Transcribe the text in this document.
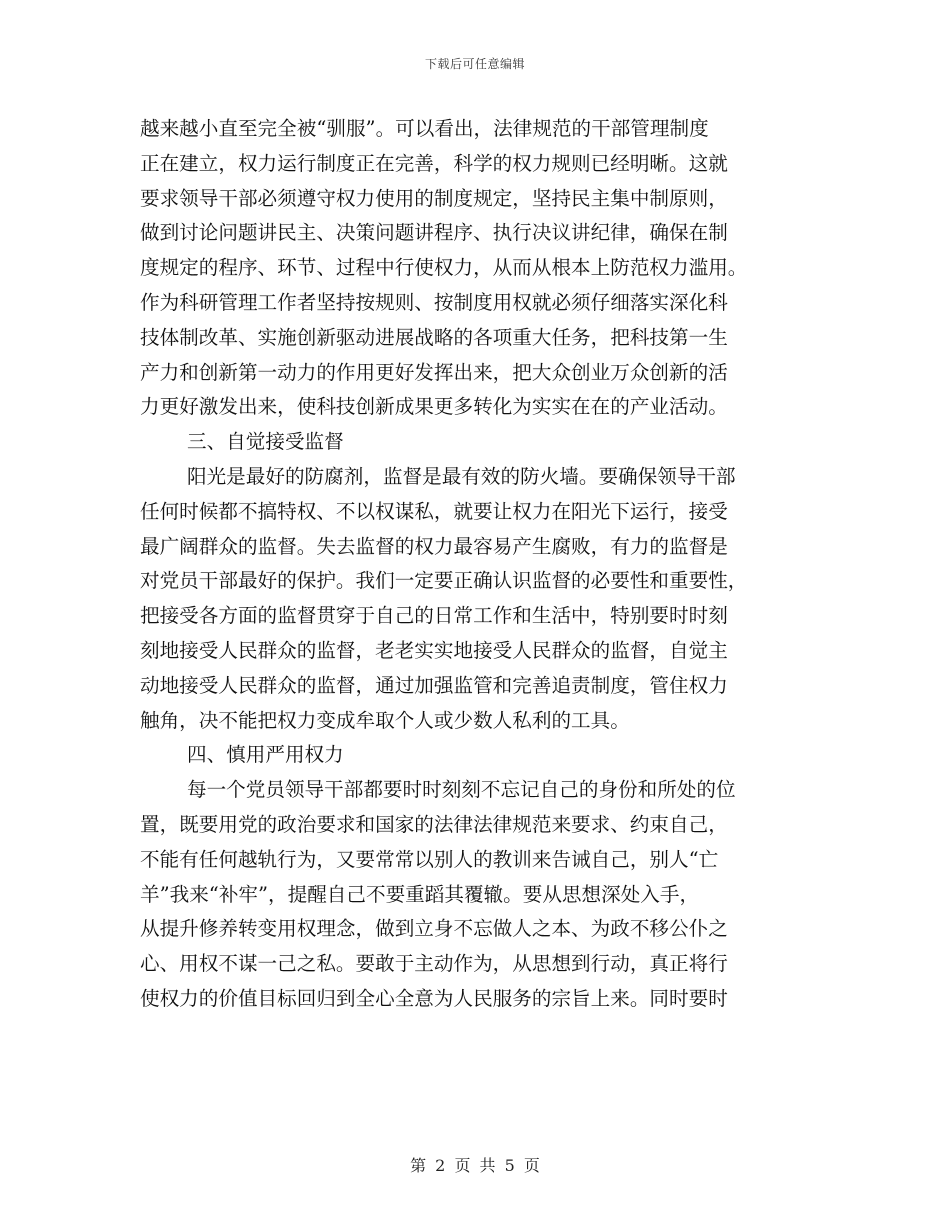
下载后可任意编辑
越来越小直至完全被“驯服”。可以看出，法律规范的干部管理制度
正在建立，权力运行制度正在完善，科学的权力规则已经明晰。这就
要求领导干部必须遵守权力使用的制度规定，坚持民主集中制原则，
做到讨论问题讲民主、决策问题讲程序、执行决议讲纪律，确保在制
度规定的程序、环节、过程中行使权力，从而从根本上防范权力滥用。
作为科研管理工作者坚持按规则、按制度用权就必须仔细落实深化科
技体制改革、实施创新驱动进展战略的各项重大任务，把科技第一生
产力和创新第一动力的作用更好发挥出来，把大众创业万众创新的活
力更好激发出来，使科技创新成果更多转化为实实在在的产业活动。
三、自觉接受监督
阳光是最好的防腐剂，监督是最有效的防火墙。要确保领导干部
任何时候都不搞特权、不以权谋私，就要让权力在阳光下运行，接受
最广阔群众的监督。失去监督的权力最容易产生腐败，有力的监督是
对党员干部最好的保护。我们一定要正确认识监督的必要性和重要性，
把接受各方面的监督贯穿于自己的日常工作和生活中，特别要时时刻
刻地接受人民群众的监督，老老实实地接受人民群众的监督，自觉主
动地接受人民群众的监督，通过加强监管和完善追责制度，管住权力
触角，决不能把权力变成牟取个人或少数人私利的工具。
四、慎用严用权力
每一个党员领导干部都要时时刻刻不忘记自己的身份和所处的位
置，既要用党的政治要求和国家的法律法律规范来要求、约束自己，
不能有任何越轨行为，又要常常以别人的教训来告诫自己，别人“亡
羊”我来“补牢”，提醒自己不要重蹈其覆辙。要从思想深处入手，
从提升修养转变用权理念，做到立身不忘做人之本、为政不移公仆之
心、用权不谋一己之私。要敢于主动作为，从思想到行动，真正将行
使权力的价值目标回归到全心全意为人民服务的宗旨上来。同时要时
第 2 页 共 5 页
